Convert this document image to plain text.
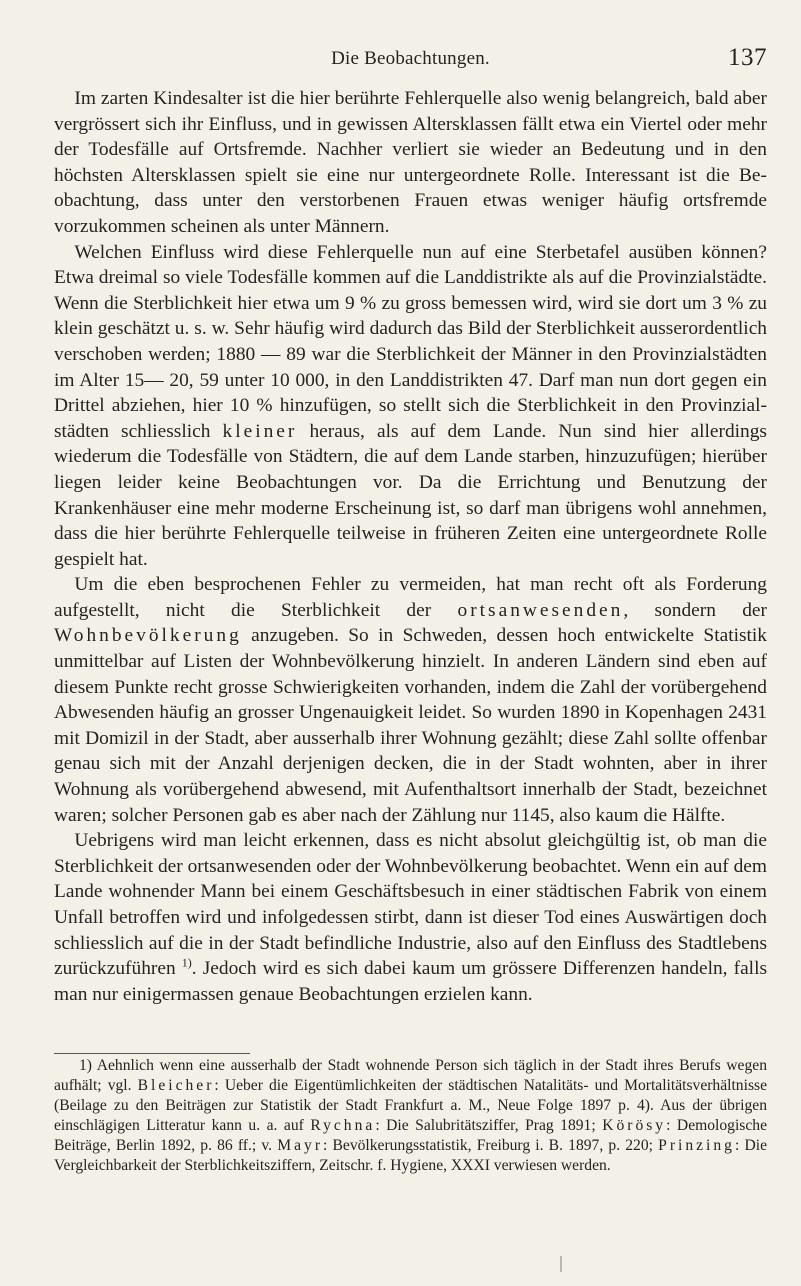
Die Beobachtungen.	137

Im zarten Kindesalter ist die hier berührte Fehlerquelle also wenig belangreich, bald aber vergrössert sich ihr Einfluss, und in gewissen Altersklassen fällt etwa ein Viertel oder mehr der Todesfälle auf Ortsfremde. Nachher verliert sie wieder an Bedeutung und in den höchsten Altersklassen spielt sie eine nur untergeordnete Rolle. Interessant ist die Beobachtung, dass unter den verstorbenen Frauen etwas weniger häufig ortsfremde vorzukommen scheinen als unter Männern.

Welchen Einfluss wird diese Fehlerquelle nun auf eine Sterbetafel ausüben können? Etwa dreimal so viele Todesfälle kommen auf die Landdistrikte als auf die Provinzialstädte. Wenn die Sterblichkeit hier etwa um 9 % zu gross bemessen wird, wird sie dort um 3 % zu klein geschätzt u. s. w. Sehr häufig wird dadurch das Bild der Sterblichkeit ausserordentlich verschoben werden; 1880 — 89 war die Sterblichkeit der Männer in den Provinzialstädten im Alter 15— 20, 59 unter 10 000, in den Landdistrikten 47. Darf man nun dort gegen ein Drittel abziehen, hier 10 % hinzufügen, so stellt sich die Sterblichkeit in den Provinzialstädten schliesslich kleiner heraus, als auf dem Lande. Nun sind hier allerdings wiederum die Todesfälle von Städtern, die auf dem Lande starben, hinzuzufügen; hierüber liegen leider keine Beobachtungen vor. Da die Errichtung und Benutzung der Krankenhäuser eine mehr moderne Erscheinung ist, so darf man übrigens wohl annehmen, dass die hier berührte Fehlerquelle teilweise in früheren Zeiten eine untergeordnete Rolle gespielt hat.

Um die eben besprochenen Fehler zu vermeiden, hat man recht oft als Forderung aufgestellt, nicht die Sterblichkeit der ortsanwesenden, sondern der Wohnbevölkerung anzugeben. So in Schweden, dessen hoch entwickelte Statistik unmittelbar auf Listen der Wohnbevölkerung hinzielt. In anderen Ländern sind eben auf diesem Punkte recht grosse Schwierigkeiten vorhanden, indem die Zahl der vorübergehend Abwesenden häufig an grosser Ungenauigkeit leidet. So wurden 1890 in Kopenhagen 2431 mit Domizil in der Stadt, aber ausserhalb ihrer Wohnung gezählt; diese Zahl sollte offenbar genau sich mit der Anzahl derjenigen decken, die in der Stadt wohnten, aber in ihrer Wohnung als vorübergehend abwesend, mit Aufenthaltsort innerhalb der Stadt, bezeichnet waren; solcher Personen gab es aber nach der Zählung nur 1145, also kaum die Hälfte.

Uebrigens wird man leicht erkennen, dass es nicht absolut gleichgültig ist, ob man die Sterblichkeit der ortsanwesenden oder der Wohnbevölkerung beobachtet. Wenn ein auf dem Lande wohnender Mann bei einem Geschäftsbesuch in einer städtischen Fabrik von einem Unfall betroffen wird und infolgedessen stirbt, dann ist dieser Tod eines Auswärtigen doch schliesslich auf die in der Stadt befindliche Industrie, also auf den Einfluss des Stadtlebens zurückzuführen $^{1)}$. Jedoch wird es sich dabei kaum um grössere Differenzen handeln, falls man nur einigermassen genaue Beobachtungen erzielen kann.

1) Aehnlich wenn eine ausserhalb der Stadt wohnende Person sich täglich in der Stadt ihres Berufs wegen aufhält; vgl. Bleicher: Ueber die Eigentümlichkeiten der städtischen Natalitäts- und Mortalitätsverhältnisse (Beilage zu den Beiträgen zur Statistik der Stadt Frankfurt a. M., Neue Folge 1897 p. 4). Aus der übrigen einschlägigen Litteratur kann u. a. auf Rychna: Die Salubritätsziffer, Prag 1891; Körösy: Demologische Beiträge, Berlin 1892, p. 86 ff.; v. Mayr: Bevölkerungsstatistik, Freiburg i. B. 1897, p. 220; Prinzing: Die Vergleichbarkeit der Sterblichkeitsziffern, Zeitschr. f. Hygiene, XXXI verwiesen werden.
